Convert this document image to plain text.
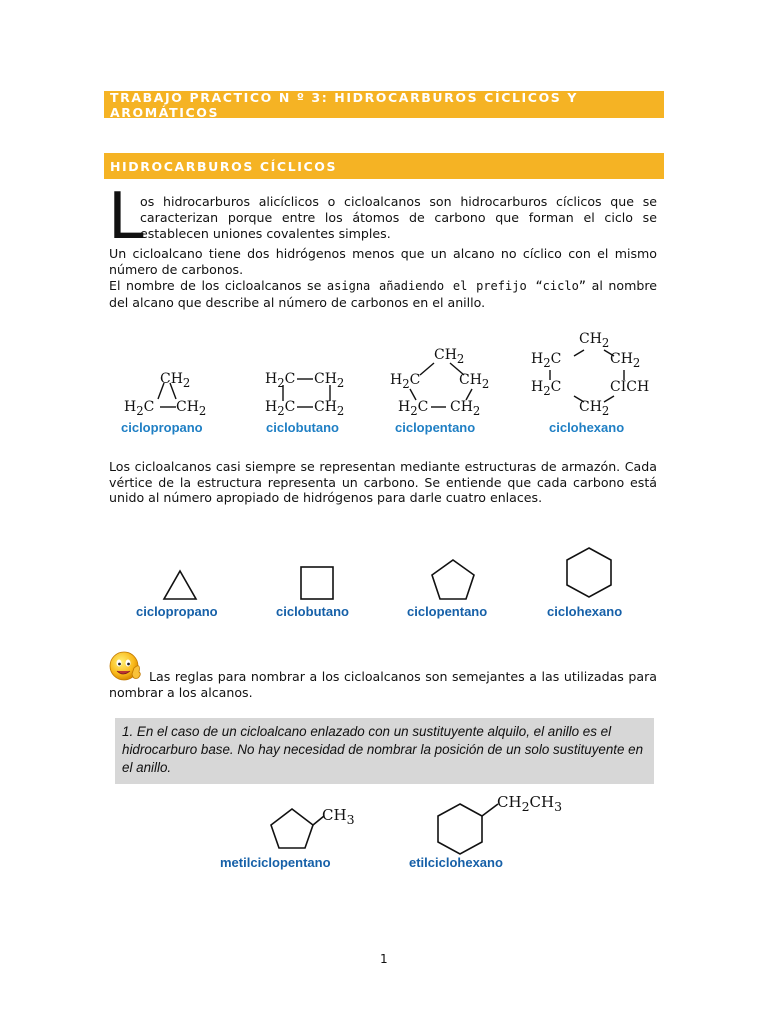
TRABAJO PRACTICO N º 3: HIDROCARBUROS CÍCLICOS Y AROMÁTICOS
HIDROCARBUROS CÍCLICOS
L
os hidrocarburos alicíclicos o cicloalcanos son hidrocarburos cíclicos que se caracterizan porque entre los átomos de carbono que forman el ciclo se establecen uniones covalentes simples.
Un cicloalcano tiene dos hidrógenos menos que un alcano no cíclico con el mismo número de carbonos.
El nombre de los cicloalcanos se asigna añadiendo el prefijo “ciclo” al nombre del alcano que describe al número de carbonos en el anillo.
$CH_2$
$H_2C$ $CH_2$
ciclopropano
$H_2C$ $CH_2$
$H_2C$ $CH_2$
ciclobutano
$CH_2$
$H_2C$	$CH_2$
$H_2C$ $CH_2$
ciclopentano
$CH_2$
$H_2C$	$CH_2$
$H_2C$	CICH
$CH_2$
ciclohexano
Los cicloalcanos casi siempre se representan mediante estructuras de armazón. Cada vértice de la estructura representa un carbono. Se entiende que cada carbono está unido al número apropiado de hidrógenos para darle cuatro enlaces.
ciclopropano	ciclobutano	ciclopentano	ciclohexano
Las reglas para nombrar a los cicloalcanos son semejantes a las utilizadas para nombrar a los alcanos.
1. En el caso de un cicloalcano enlazado con un sustituyente alquilo, el anillo es el hidrocarburo base. No hay necesidad de nombrar la posición de un solo sustituyente en el anillo.
$CH_3$
metilciclopentano
$CH_2CH_3$
etilciclohexano
1
